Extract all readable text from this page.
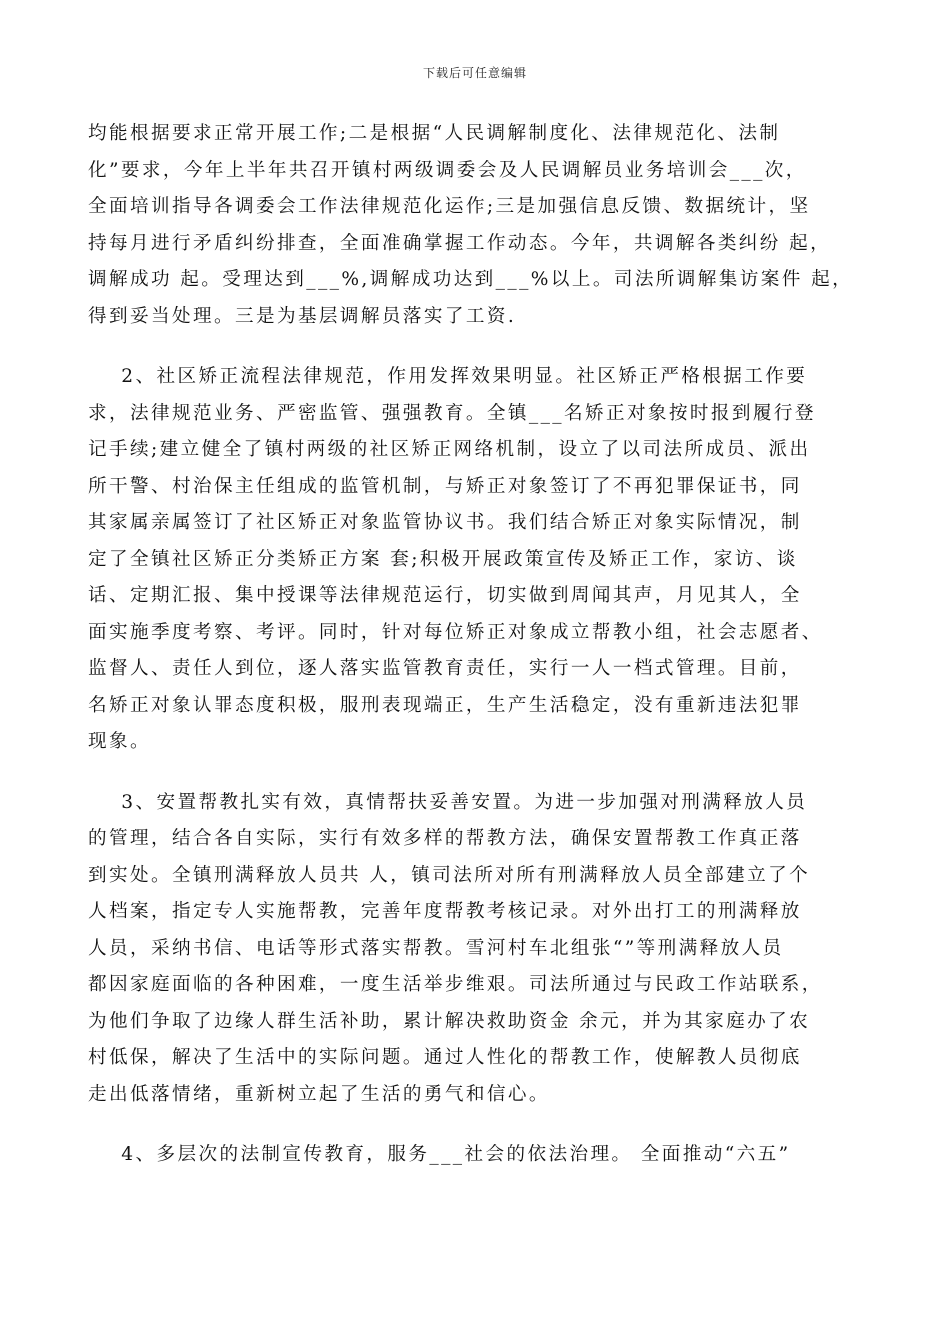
下载后可任意编辑
均能根据要求正常开展工作;二是根据“人民调解制度化、法律规范化、法制
化”要求，今年上半年共召开镇村两级调委会及人民调解员业务培训会___次，
全面培训指导各调委会工作法律规范化运作;三是加强信息反馈、数据统计，坚
持每月进行矛盾纠纷排查，全面准确掌握工作动态。今年，共调解各类纠纷 起，
调解成功 起。受理达到___%,调解成功达到___%以上。司法所调解集访案件 起，
得到妥当处理。三是为基层调解员落实了工资.
2、社区矫正流程法律规范，作用发挥效果明显。社区矫正严格根据工作要
求，法律规范业务、严密监管、强强教育。全镇___名矫正对象按时报到履行登
记手续;建立健全了镇村两级的社区矫正网络机制，设立了以司法所成员、派出
所干警、村治保主任组成的监管机制，与矫正对象签订了不再犯罪保证书，同
其家属亲属签订了社区矫正对象监管协议书。我们结合矫正对象实际情况，制
定了全镇社区矫正分类矫正方案 套;积极开展政策宣传及矫正工作，家访、谈
话、定期汇报、集中授课等法律规范运行，切实做到周闻其声，月见其人，全
面实施季度考察、考评。同时，针对每位矫正对象成立帮教小组，社会志愿者、
监督人、责任人到位，逐人落实监管教育责任，实行一人一档式管理。目前，
名矫正对象认罪态度积极，服刑表现端正，生产生活稳定，没有重新违法犯罪
现象。
3、安置帮教扎实有效，真情帮扶妥善安置。为进一步加强对刑满释放人员
的管理，结合各自实际，实行有效多样的帮教方法，确保安置帮教工作真正落
到实处。全镇刑满释放人员共 人，镇司法所对所有刑满释放人员全部建立了个
人档案，指定专人实施帮教，完善年度帮教考核记录。对外出打工的刑满释放
人员，采纳书信、电话等形式落实帮教。雪河村车北组张“”等刑满释放人员
都因家庭面临的各种困难，一度生活举步维艰。司法所通过与民政工作站联系，
为他们争取了边缘人群生活补助，累计解决救助资金 余元，并为其家庭办了农
村低保，解决了生活中的实际问题。通过人性化的帮教工作，使解教人员彻底
走出低落情绪，重新树立起了生活的勇气和信心。
4、多层次的法制宣传教育，服务___社会的依法治理。 全面推动“六五”
